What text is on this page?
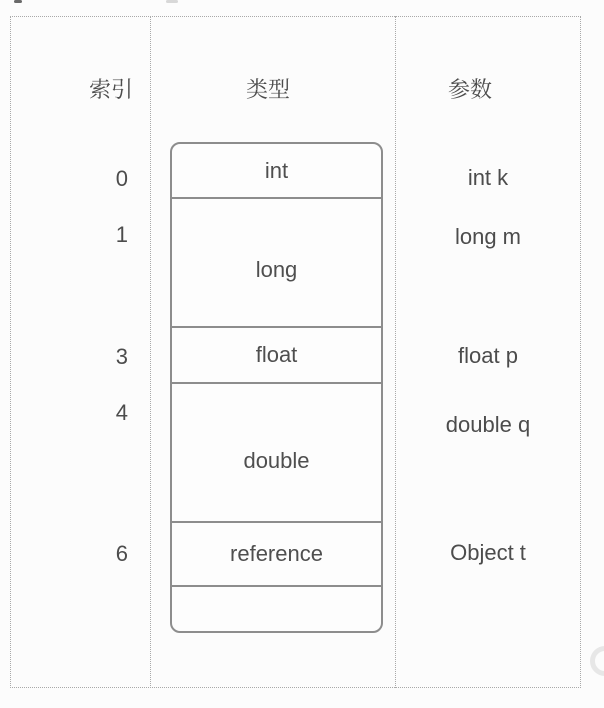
索引	类型	参数
int
long
float
double
reference
0
1
3
4
6
int k
long m
float p
double q
Object t
